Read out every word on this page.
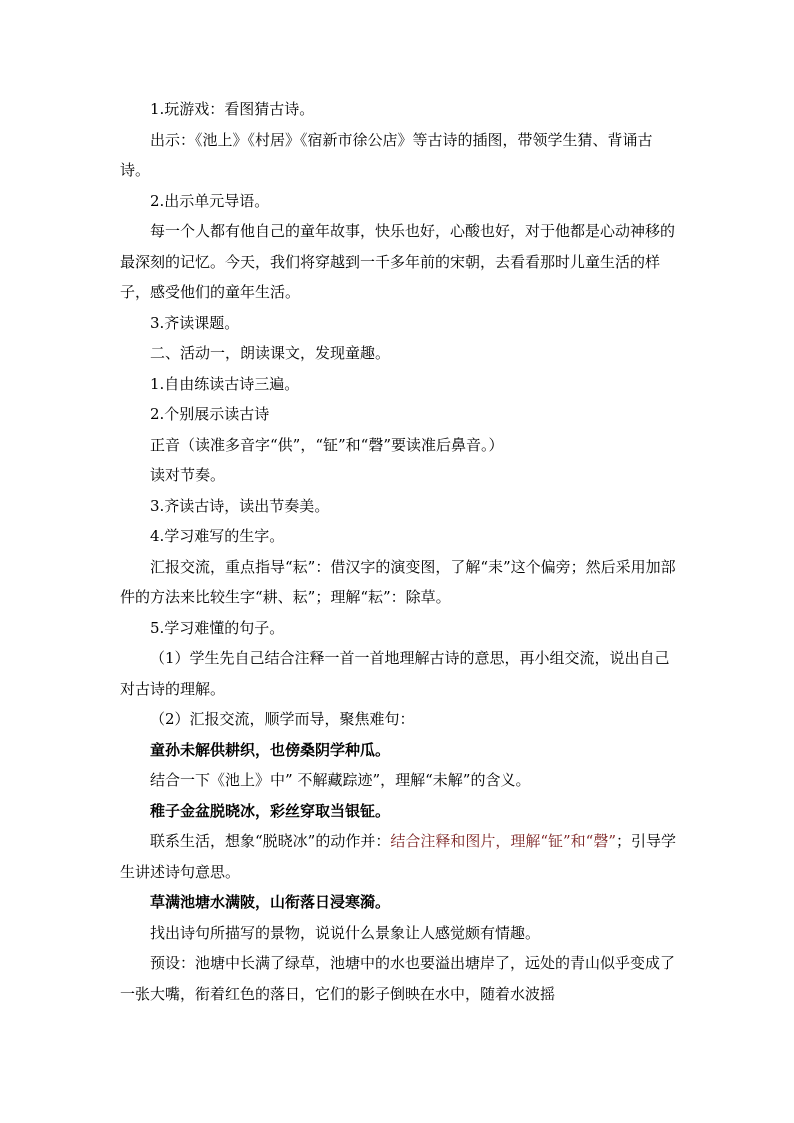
1.玩游戏：看图猜古诗。

出示：《池上》《村居》《宿新市徐公店》等古诗的插图，带领学生猜、背诵古诗。

2.出示单元导语。

每一个人都有他自己的童年故事，快乐也好，心酸也好，对于他都是心动神移的最深刻的记忆。今天，我们将穿越到一千多年前的宋朝，去看看那时儿童生活的样子，感受他们的童年生活。

3.齐读课题。

二、活动一，朗读课文，发现童趣。

1.自由练读古诗三遍。

2.个别展示读古诗

正音（读准多音字“供”，“钲”和“磬”要读准后鼻音。）

读对节奏。

3.齐读古诗，读出节奏美。

4.学习难写的生字。

汇报交流，重点指导“耘”：借汉字的演变图，了解“耒”这个偏旁；然后采用加部件的方法来比较生字“耕、耘”；理解“耘”：除草。

5.学习难懂的句子。

（1）学生先自己结合注释一首一首地理解古诗的意思，再小组交流，说出自己对古诗的理解。

（2）汇报交流，顺学而导，聚焦难句：

童孙未解供耕织，也傍桑阴学种瓜。

结合一下《池上》中” 不解藏踪迹”，理解“未解”的含义。

稚子金盆脱晓冰，彩丝穿取当银钲。

联系生活，想象“脱晓冰”的动作并：结合注释和图片，理解“钲”和“磬”；引导学生讲述诗句意思。

草满池塘水满陂，山衔落日浸寒漪。

找出诗句所描写的景物，说说什么景象让人感觉颇有情趣。

预设：池塘中长满了绿草，池塘中的水也要溢出塘岸了，远处的青山似乎变成了一张大嘴，衔着红色的落日，它们的影子倒映在水中，随着水波摇
